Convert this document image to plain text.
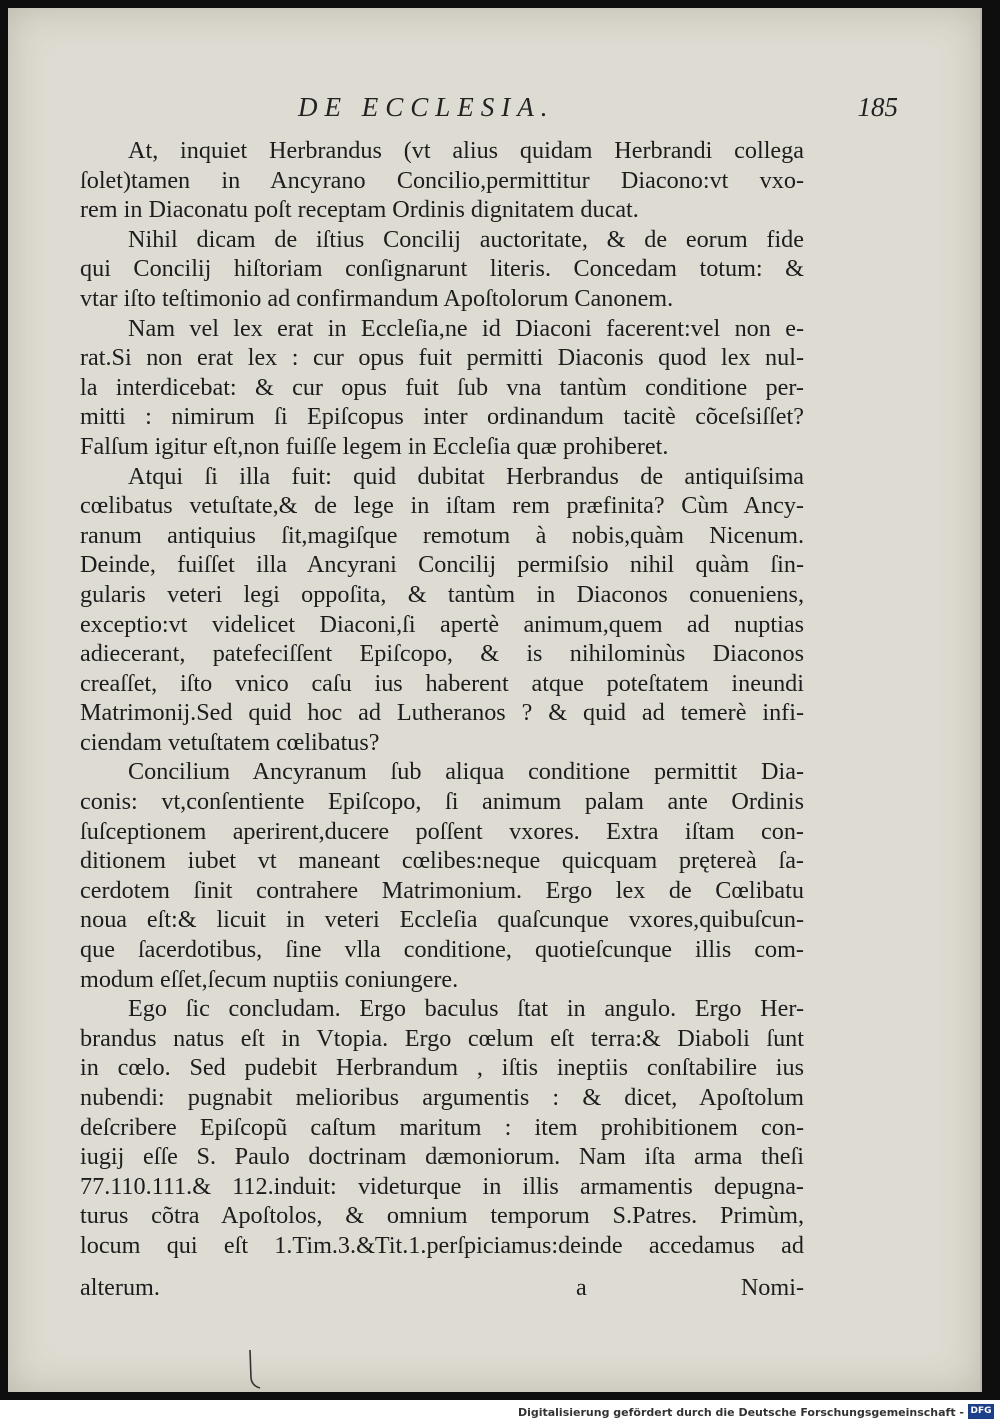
DE ECCLESIA.	185
At, inquiet Herbrandus (vt alius quidam Herbrandi collega
ſolet)tamen in Ancyrano Concilio,permittitur Diacono:vt vxo-
rem in Diaconatu poſt receptam Ordinis dignitatem ducat.
Nihil dicam de iſtius Concilij auctoritate, & de eorum fide
qui Concilij hiſtoriam conſignarunt literis. Concedam totum: &
vtar iſto teſtimonio ad confirmandum Apoſtolorum Canonem.
Nam vel lex erat in Eccleſia,ne id Diaconi facerent:vel non e-
rat.Si non erat lex : cur opus fuit permitti Diaconis quod lex nul-
la interdicebat: & cur opus fuit ſub vna tantùm conditione per-
mitti : nimirum ſi Epiſcopus inter ordinandum tacitè cõceſsiſſet?
Falſum igitur eſt,non fuiſſe legem in Eccleſia quæ prohiberet.
Atqui ſi illa fuit: quid dubitat Herbrandus de antiquiſsima
cœlibatus vetuſtate,& de lege in iſtam rem præfinita? Cùm Ancy-
ranum antiquius ſit,magiſque remotum à nobis,quàm Nicenum.
Deinde, fuiſſet illa Ancyrani Concilij permiſsio nihil quàm ſin-
gularis veteri legi oppoſita, & tantùm in Diaconos conueniens,
exceptio:vt videlicet Diaconi,ſi apertè animum,quem ad nuptias
adiecerant, patefeciſſent Epiſcopo, & is nihilominùs Diaconos
creaſſet, iſto vnico caſu ius haberent atque poteſtatem ineundi
Matrimonij.Sed quid hoc ad Lutheranos ? & quid ad temerè infi-
ciendam vetuſtatem cœlibatus?
Concilium Ancyranum ſub aliqua conditione permittit Dia-
conis: vt,conſentiente Epiſcopo, ſi animum palam ante Ordinis
ſuſceptionem aperirent,ducere poſſent vxores. Extra iſtam con-
ditionem iubet vt maneant cœlibes:neque quicquam prętereà ſa-
cerdotem ſinit contrahere Matrimonium. Ergo lex de Cœlibatu
noua eſt:& licuit in veteri Eccleſia quaſcunque vxores,quibuſcun-
que ſacerdotibus, ſine vlla conditione, quotieſcunque illis com-
modum eſſet,ſecum nuptiis coniungere.
Ego ſic concludam. Ergo baculus ſtat in angulo. Ergo Her-
brandus natus eſt in Vtopia. Ergo cœlum eſt terra:& Diaboli ſunt
in cœlo. Sed pudebit Herbrandum , iſtis ineptiis conſtabilire ius
nubendi: pugnabit melioribus argumentis : & dicet, Apoſtolum
deſcribere Epiſcopũ caſtum maritum : item prohibitionem con-
iugij eſſe S. Paulo doctrinam dæmoniorum. Nam iſta arma theſi
77.110.111.& 112.induit: videturque in illis armamentis depugna-
turus cõtra Apoſtolos, & omnium temporum S.Patres. Primùm,
locum qui eſt 1.Tim.3.&Tit.1.perſpiciamus:deinde accedamus ad
alterum.	a	Nomi-
Digitalisierung gefördert durch die Deutsche Forschungsgemeinschaft - DFG
